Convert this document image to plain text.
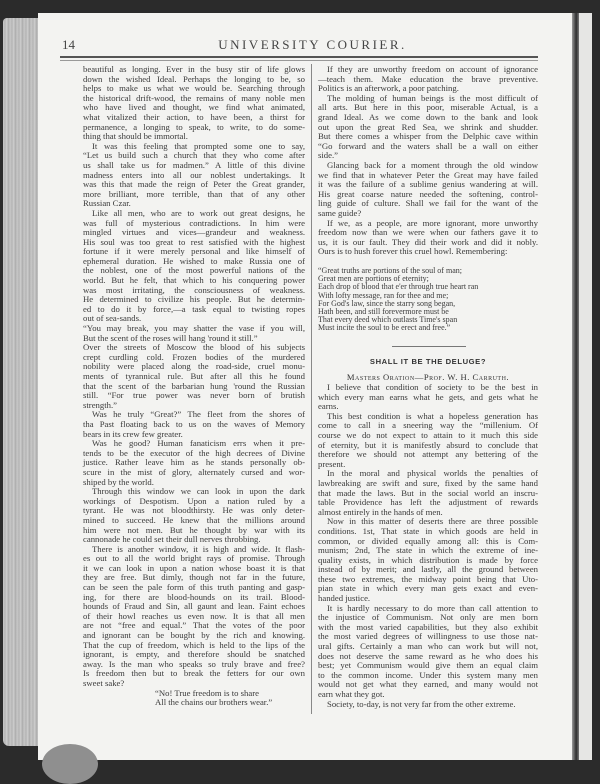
14	UNIVERSITY COURIER.
beautiful as longing. Ever in the busy stir of life glows
down the wished Ideal. Perhaps the longing to be, so
helps to make us what we would be. Searching through
the historical drift-wood, the remains of many noble men
who have lived and thought, we find what animated,
what vitalized their action, to have been, a thirst for
permanence, a longing to speak, to write, to do some-
thing that should be immortal.
It was this feeling that prompted some one to say,
“Let us build such a church that they who come after
us shall take us for madmen.” A little of this divine
madness enters into all our noblest undertakings. It
was this that made the reign of Peter the Great grander,
more brilliant, more terrible, than that of any other
Russian Czar.
Like all men, who are to work out great designs, he
was full of mysterious contradictions. In him were
mingled virtues and vices—grandeur and weakness.
His soul was too great to rest satisfied with the highest
fortune if it were merely personal and like himself of
ephemeral duration. He wished to make Russia one of
the noblest, one of the most powerful nations of the
world. But he felt, that which to his conquering power
was most irritating, the consciousness of weakness.
He determined to civilize his people. But he determin-
ed to do it by force,—a task equal to twisting ropes
out of sea-sands.
“You may break, you may shatter the vase if you will,
But the scent of the roses will hang 'round it still.”
Over the streets of Moscow the blood of his subjects
crept curdling cold. Frozen bodies of the murdered
nobility were placed along the road-side, cruel monu-
ments of tyrannical rule. But after all this he found
that the scent of the barbarian hung 'round the Russian
still. “For true power was never born of brutish
strength.”
Was he truly “Great?” The fleet from the shores of
tha Past floating back to us on the waves of Memory
bears in its crew few greater.
Was he good? Human fanaticism errs when it pre-
tends to be the executor of the high decrees of Divine
justice. Rather leave him as he stands personally ob-
scure in the mist of glory, alternately cursed and wor-
shiped by the world.
Through this window we can look in upon the dark
workings of Despotism. Upon a nation ruled by a
tyrant. He was not bloodthirsty. He was only deter-
mined to succeed. He knew that the millions around
him were not men. But he thought by war with its
cannonade he could set their dull nerves throbbing.
There is another window, it is high and wide. It flash-
es out to all the world bright rays of promise. Through
it we can look in upon a nation whose boast it is that
they are free. But dimly, though not far in the future,
can be seen the pale form of this truth panting and gasp-
ing, for there are blood-hounds on its trail. Blood-
hounds of Fraud and Sin, all gaunt and lean. Faint echoes
of their howl reaches us even now. It is that all men
are not “free and equal.” That the votes of the poor
and ignorant can be bought by the rich and knowing.
That the cup of freedom, which is held to the lips of the
ignorant, is empty, and therefore should be snatched
away. Is the man who speaks so truly brave and free?
Is freedom then but to break the fetters for our own
sweet sake?
“No! True freedom is to share
All the chains our brothers wear.”
If they are unworthy freedom on account of ignorance
—teach them. Make education the brave preventive.
Politics is an afterwork, a poor patching.
The molding of human beings is the most difficult of
all arts. But here in this poor, miserable Actual, is a
grand Ideal. As we come down to the bank and look
out upon the great Red Sea, we shrink and shudder.
But there comes a whisper from the Delphic cave within
“Go forward and the waters shall be a wall on either
side.”
Glancing back for a moment through the old window
we find that in whatever Peter the Great may have failed
it was the failure of a sublime genius wandering at will.
His great coarse nature needed the softening, control-
ling guide of culture. Shall we fail for the want of the
same guide?
If we, as a people, are more ignorant, more unworthy
freedom now than we were when our fathers gave it to
us, it is our fault. They did their work and did it nobly.
Ours is to hush forever this cruel howl. Remembering:
“Great truths are portions of the soul of man;
Great men are portions of eternity;
Each drop of blood that e'er through true heart ran
With lofty message, ran for thee and me;
For God's law, since the starry song began,
Hath been, and still forevermore must be
That every deed which outlasts Time's span
Must incite the soul to be erect and free.”
SHALL IT BE THE DELUGE?
Masters Oration—Prof. W. H. Carruth.
I believe that condition of society to be the best in
which every man earns what he gets, and gets what he
earns.
This best condition is what a hopeless generation has
come to call in a sneering way the “millenium. Of
course we do not expect to attain to it much this side
of eternity, but it is manifestly absurd to conclude that
therefore we should not attempt any bettering of the
present.
In the moral and physical worlds the penalties of
lawbreaking are swift and sure, fixed by the same hand
that made the laws. But in the social world an inscru-
table Providence has left the adjustment of rewards
almost entirely in the hands of men.
Now in this matter of deserts there are three possible
conditions. 1st, That state in which goods are held in
common, or divided equally among all: this is Com-
munism; 2nd, The state in which the extreme of ine-
quality exists, in which distribution is made by force
instead of by merit; and lastly, all the ground between
these two extremes, the midway point being that Uto-
pian state in which every man gets exact and even-
handed justice.
It is hardly necessary to do more than call attention to
the injustice of Communism. Not only are men born
with the most varied capabilities, but they also exhibit
the most varied degrees of willingness to use those nat-
ural gifts. Certainly a man who can work but will not,
does not deserve the same reward as he who does his
best; yet Communism would give them an equal claim
to the common income. Under this system many men
would not get what they earned, and many would not
earn what they got.
Society, to-day, is not very far from the other extreme.
